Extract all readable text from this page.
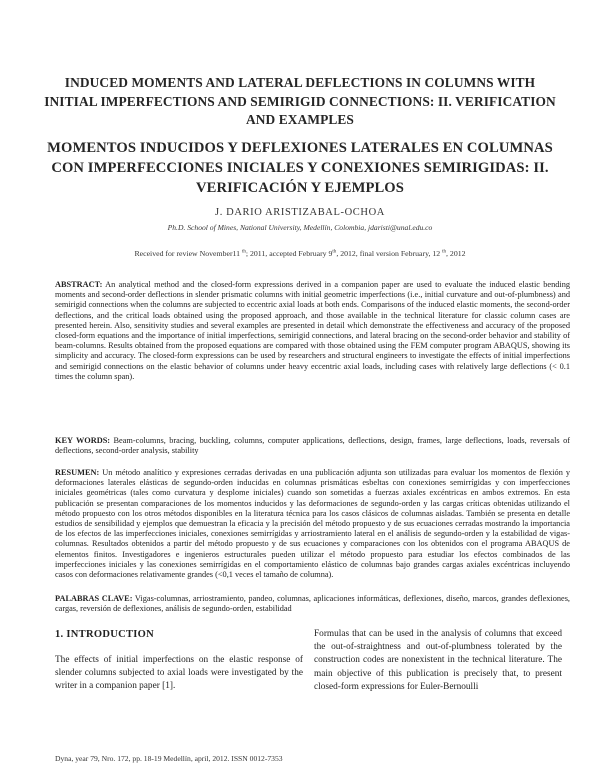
INDUCED MOMENTS AND LATERAL DEFLECTIONS IN COLUMNS WITH INITIAL IMPERFECTIONS AND SEMIRIGID CONNECTIONS: II. VERIFICATION AND EXAMPLES
MOMENTOS INDUCIDOS Y DEFLEXIONES LATERALES EN COLUMNAS CON IMPERFECCIONES INICIALES Y CONEXIONES SEMIRIGIDAS: II. VERIFICACIÓN Y EJEMPLOS
J. DARIO ARISTIZABAL-OCHOA
Ph.D. School of Mines, National University, Medellín, Colombia, jdaristi@unal.edu.co
Received for review November11 $^{th}$; 2011, accepted February 9th, 2012, final version February, 12 $^{th}$, 2012
ABSTRACT: An analytical method and the closed-form expressions derived in a companion paper are used to evaluate the induced elastic bending moments and second-order deflections in slender prismatic columns with initial geometric imperfections (i.e., initial curvature and out-of-plumbness) and semirigid connections when the columns are subjected to eccentric axial loads at both ends. Comparisons of the induced elastic moments, the second-order deflections, and the critical loads obtained using the proposed approach, and those available in the technical literature for classic column cases are presented herein. Also, sensitivity studies and several examples are presented in detail which demonstrate the effectiveness and accuracy of the proposed closed-form equations and the importance of initial imperfections, semirigid connections, and lateral bracing on the second-order behavior and stability of beam-columns. Results obtained from the proposed equations are compared with those obtained using the FEM computer program ABAQUS, showing its simplicity and accuracy. The closed-form expressions can be used by researchers and structural engineers to investigate the effects of initial imperfections and semirigid connections on the elastic behavior of columns under heavy eccentric axial loads, including cases with relatively large deflections (< 0.1 times the column span).
KEY WORDS: Beam-columns, bracing, buckling, columns, computer applications, deflections, design, frames, large deflections, loads, reversals of deflections, second-order analysis, stability
RESUMEN: Un método analítico y expresiones cerradas derivadas en una publicación adjunta son utilizadas para evaluar los momentos de flexión y deformaciones laterales elásticas de segundo-orden inducidas en columnas prismáticas esbeltas con conexiones semirrígidas y con imperfecciones iniciales geométricas (tales como curvatura y desplome iniciales) cuando son sometidas a fuerzas axiales excéntricas en ambos extremos. En esta publicación se presentan comparaciones de los momentos inducidos y las deformaciones de segundo-orden y las cargas críticas obtenidas utilizando el método propuesto con los otros métodos disponibles en la literatura técnica para los casos clásicos de columnas aisladas. También se presenta en detalle estudios de sensibilidad y ejemplos que demuestran la eficacia y la precisión del método propuesto y de sus ecuaciones cerradas mostrando la importancia de los efectos de las imperfecciones iniciales, conexiones semirrígidas y arriostramiento lateral en el análisis de segundo-orden y la estabilidad de vigas-columnas. Resultados obtenidos a partir del método propuesto y de sus ecuaciones y comparaciones con los obtenidos con el programa ABAQUS de elementos finitos. Investigadores e ingenieros estructurales pueden utilizar el método propuesto para estudiar los efectos combinados de las imperfecciones iniciales y las conexiones semirrígidas en el comportamiento elástico de columnas bajo grandes cargas axiales excéntricas incluyendo casos con deformaciones relativamente grandes (<0,1 veces el tamaño de columna).
PALABRAS CLAVE: Vigas-columnas, arriostramiento, pandeo, columnas, aplicaciones informáticas, deflexiones, diseño, marcos, grandes deflexiones, cargas, reversión de deflexiones, análisis de segundo-orden, estabilidad
1. INTRODUCTION
The effects of initial imperfections on the elastic response of slender columns subjected to axial loads were investigated by the writer in a companion paper [1].
Formulas that can be used in the analysis of columns that exceed the out-of-straightness and out-of-plumbness tolerated by the construction codes are nonexistent in the technical literature. The main objective of this publication is precisely that, to present closed-form expressions for Euler-Bernoulli
Dyna, year 79, Nro. 172, pp. 18-19 Medellín, april, 2012. ISSN 0012-7353
